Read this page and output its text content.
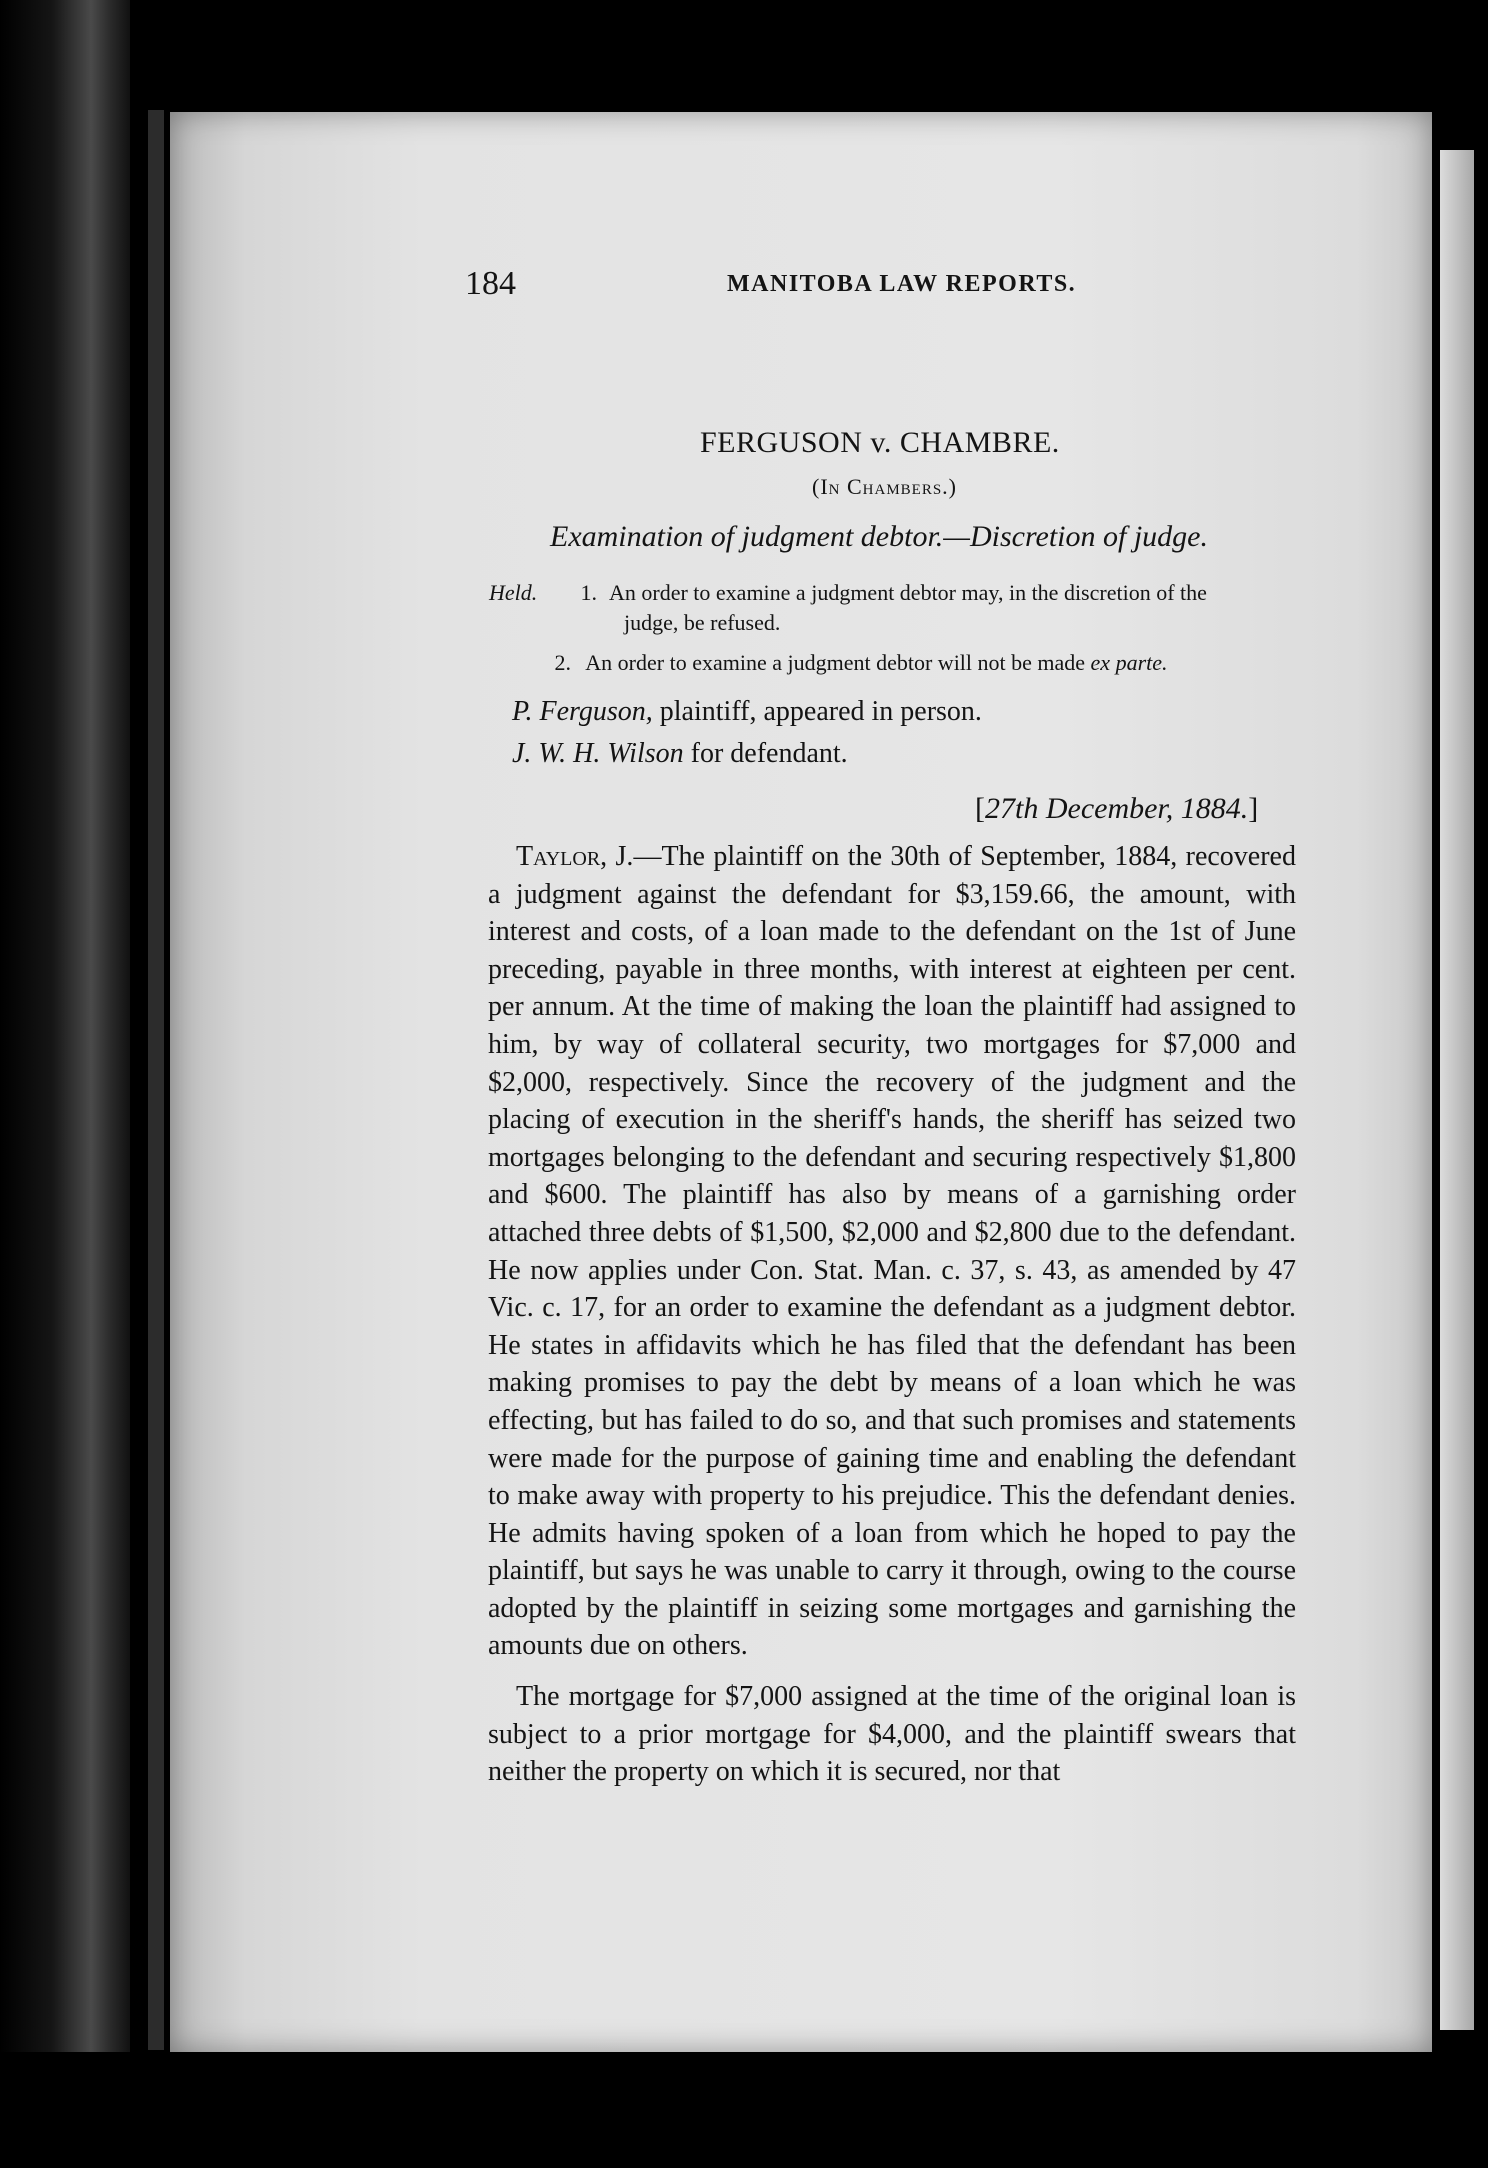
184	MANITOBA LAW REPORTS.
FERGUSON v. CHAMBRE.
(In Chambers.)
Examination of judgment debtor.—Discretion of judge.
Held. 1. An order to examine a judgment debtor may, in the discretion of the
judge, be refused.
2. An order to examine a judgment debtor will not be made ex parte.
P. Ferguson, plaintiff, appeared in person.
J. W. H. Wilson for defendant.
[27th December, 1884.]

Taylor, J.—The plaintiff on the 30th of September, 1884, recovered a judgment against the defendant for $3,159.66, the amount, with interest and costs, of a loan made to the defendant on the 1st of June preceding, payable in three months, with interest at eighteen per cent. per annum. At the time of making the loan the plaintiff had assigned to him, by way of collateral security, two mortgages for $7,000 and $2,000, respectively. Since the recovery of the judgment and the placing of execution in the sheriff's hands, the sheriff has seized two mortgages belonging to the defendant and securing respectively $1,800 and $600. The plaintiff has also by means of a garnishing order attached three debts of $1,500, $2,000 and $2,800 due to the defendant. He now applies under Con. Stat. Man. c. 37, s. 43, as amended by 47 Vic. c. 17, for an order to examine the defendant as a judgment debtor. He states in affidavits which he has filed that the defendant has been making promises to pay the debt by means of a loan which he was effecting, but has failed to do so, and that such promises and statements were made for the purpose of gaining time and enabling the defendant to make away with property to his prejudice. This the defendant denies. He admits having spoken of a loan from which he hoped to pay the plaintiff, but says he was unable to carry it through, owing to the course adopted by the plaintiff in seizing some mortgages and garnishing the amounts due on others.

The mortgage for $7,000 assigned at the time of the original loan is subject to a prior mortgage for $4,000, and the plaintiff swears that neither the property on which it is secured, nor that
